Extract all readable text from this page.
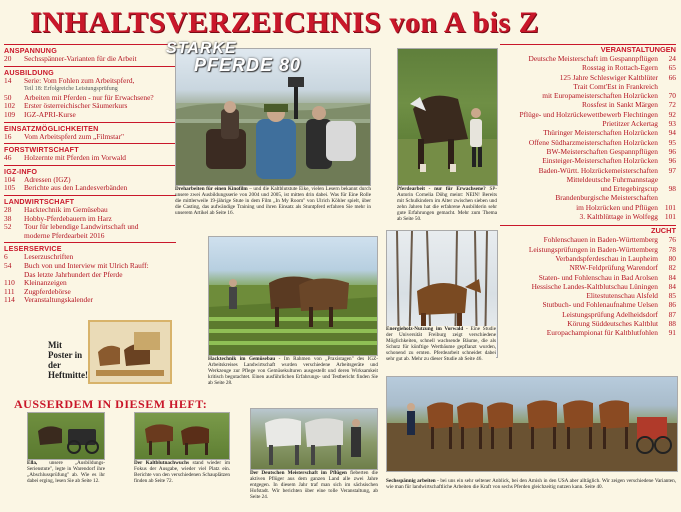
INHALTSVERZEICHNIS von A bis Z
ANSPANNUNG
20	Sechsspänner-Varianten für die Arbeit
AUSBILDUNG
14	Serie: Vom Fohlen zum Arbeitspferd,
Teil 18: Erfolgreiche Leistungsprüfung
50	Arbeiten mit Pferden - nur für Erwachsene?
102	Erster österreichischer Säumerkurs
109	IGZ-APRI-Kurse
EINSATZMÖGLICHKEITEN
16	Vom Arbeitspferd zum „Filmstar"
FORSTWIRTSCHAFT
46	Holzernte mit Pferden im Vorwald
IGZ-INFO
104	Adressen (IGZ)
105	Berichte aus den Landesverbänden
LANDWIRTSCHAFT
28	Hacktechnik im Gemüsebau
38	Hobby-Pferdebauern im Harz
52	Tour für lebendige Landwirtschaft und
moderne Pferdearbeit 2016
LESERSERVICE
6	Leserzuschriften
54	Buch von und Interview mit Ulrich Rauff:
Das letzte Jahrhundert der Pferde
110	Kleinanzeigen
111	Zugpferdebörse
114	Veranstaltungskalender
VERANSTALTUNGEN
Deutsche Meisterschaft im Gespannpflügen	24
Rosstag in Rottach-Egern	65
125 Jahre Schleswiger Kaltblüter	66
Trait Comt'Est in Frankreich
mit Europameisterschaften Holzrücken	70
Rossfest in Sankt Märgen	72
Pflüge- und Holzrückewettbewerb Flechtingen	92
Prietitzer Ackertag	93
Thüringer Meisterschaften Holzrücken	94
Offene Südharzmeisterschaften Holzrücken	95
BW-Meisterschaften Gespannpflügen	96
Einsteiger-Meisterschaften Holzrücken	96
Baden-Württ. Holzrückemeisterschaften	97
Mitteldeutsche Fuhrmannstage
und Ertegebirgscup	98
Brandenburgische Meisterschaften
im Holzrücken und Pflügen 101
3. Kaltblüttage in Wolfegg 101
ZUCHT
Fohlenschauen in Baden-Württemberg	76
Leistungsprüfungen in Baden-Württemberg	78
Verbandspferdeschau in Laupheim	80
NRW-Feldprüfung Warendorf	82
Staten- und Fohlenschau in Bad Arolsen	84
Hessische Landes-Kaltblutschau Lüningen	84
Elitestutenschau Alsfeld	85
Stutbuch- und Fohlenaufnahme Uelsen	86
Leistungsprüfung Adelheidsdorf	87
Körung Süddeutsches Kaltblut	88
Europachampionat für Kaltblutfohlen	91
STARKE
PFERDE 80
Dreharbeiten für einen Kinofilm – und die Kaltblutstute Eike, vielen Lesern bekannt durch unsere zwei Ausbildungsserie von 2004 und 2005, ist mitten drin dabei. Was für Eine Rolle die mittlerweile 19-jährige Stute in dem Film „In My Room" von Ulrich Köhler spielt, über die Casting, das aufwändige Training und ihren Einsatz als Stuntpferd erfahren Sie mehr in unserem Artikel ab Seite 16.
Pferdearbeit - nur für Erwachsene? SP-Autorin Cornelia Döhg meint: NEIN! Bereits mit Schulkindern im Alter zwischen sieben und zehn Jahren hat die erfahrene Ausbilderin sehr gute Erfahrungen gemacht. Mehr zum Thema ab Seite 50.
Hacktechnik im Gemüsebau - Im Rahmen von „Praxistagen" des IGZ-Arbeitskreises Landwirtschaft wurden verschiedene Arbeitsgeräte und Werkzeuge zur Pflege von Gemüsekulturen ausgestellt und deren Wirksamkeit kritisch begutachtet. Einen ausführlichen Erfahrungs- und Testbericht finden Sie ab Seite 28.
Energieholz-Nutzung im Vorwald - Eine Studie der Universität Freiburg zeigt verschiedene Möglichkeiten, schnell wachsende Bäume, die als Schutz für künftige Wertbäume gepflanzt wurden, schonend zu ernten. Pferdearbeit schneidet dabei sehr gut ab. Mehr zu dieser Studie ab Seite 46.
Mit Poster in der Heftmitte!
AUSSERDEM IN DIESEM HEFT:
Ella, unsere „Ausbildungs-Serienstute", legte in Warendorf ihre „Abschlussprüfung" ab. Wie es ihr dabei erging, lesen Sie ab Seite 12.
Der Kaltblutnachwuchs stand wieder im Fokus der Ausgabe, wieder viel Platz ein. Berichte von den verschiedenen Schauplätzen finden ab Seite 72.
Der Deutschen Meisterschaft im Pflügen fieberten die aktiven Pflüger aus dem ganzen Land alle zwei Jahre entgegen. In diesem Jahr traf man sich im sächsischen Hofstadt. Wir berichten über eine tolle Veranstaltung, ab Seite 24.
Sechsspännig arbeiten - bei uns ein sehr seltener Anblick, bei den Amish in den USA aber alltäglich. Wir zeigen verschiedene Varianten, wie man für landwirtschaftliche Arbeiten die Kraft von sechs Pferden gleichzeitig nutzen kann. Seite 40.
